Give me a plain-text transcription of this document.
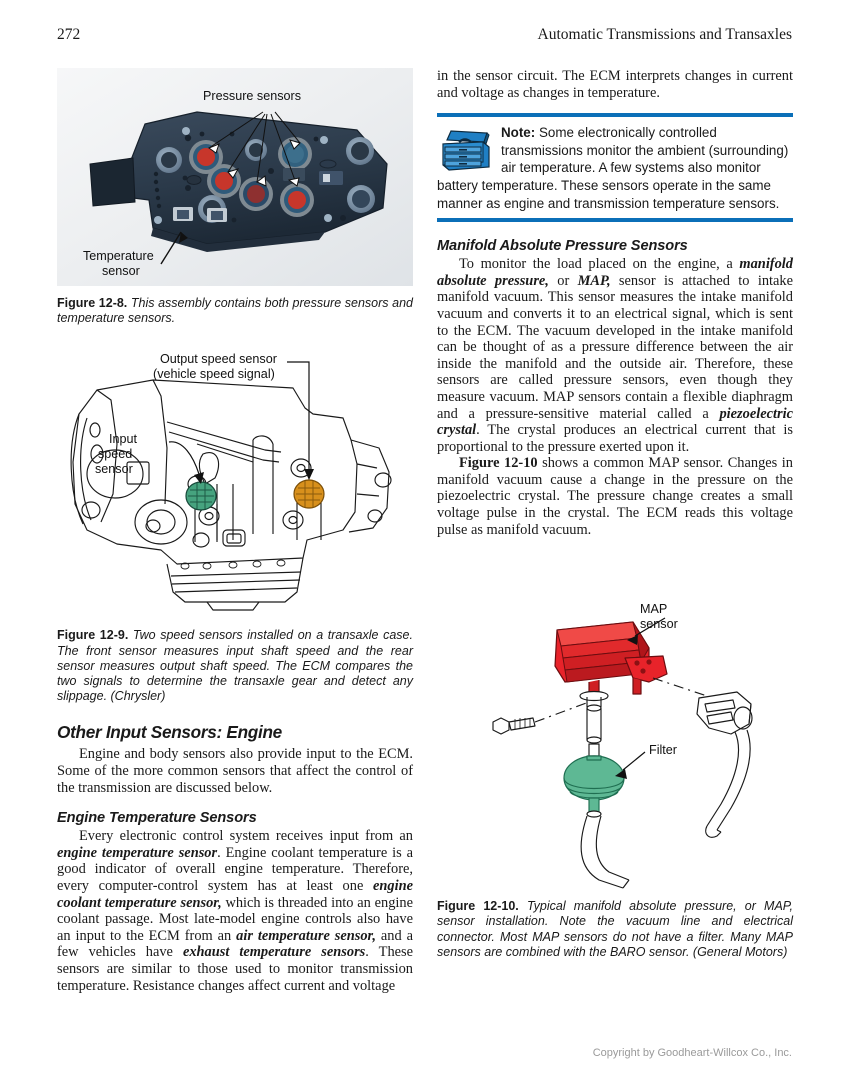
272	Automatic Transmissions and Transaxles
Pressure sensors
Temperature
sensor
Figure 12-8. This assembly contains both pressure sensors and temperature sensors.
Output speed sensor
(vehicle speed signal)
Input
speed
sensor
Figure 12-9. Two speed sensors installed on a transaxle case. The front sensor measures input shaft speed and the rear sensor measures output shaft speed. The ECM compares the two signals to determine the transaxle gear and detect any slippage. (Chrysler)
Other Input Sensors: Engine

Engine and body sensors also provide input to the ECM. Some of the more common sensors that affect the control of the transmission are discussed below.

Engine Temperature Sensors

Every electronic control system receives input from an engine temperature sensor. Engine coolant temperature is a good indicator of overall engine temperature. Therefore, every computer-control system has at least one engine coolant temperature sensor, which is threaded into an engine coolant passage. Most late-model engine controls also have an input to the ECM from an air temperature sensor, and a few vehicles have exhaust temperature sensors. These sensors are similar to those used to monitor transmission temperature. Resistance changes affect current and voltage

in the sensor circuit. The ECM interprets changes in current and voltage as changes in temperature.

Note: Some electronically controlled transmissions monitor the ambient (surrounding) air temperature. A few systems also monitor battery temperature. These sensors operate in the same manner as engine and transmission temperature sensors.

Manifold Absolute Pressure Sensors

To monitor the load placed on the engine, a manifold absolute pressure, or MAP, sensor is attached to intake manifold vacuum. This sensor measures the intake manifold vacuum and converts it to an electrical signal, which is sent to the ECM. The vacuum developed in the intake manifold can be thought of as a pressure difference between the air inside the manifold and the outside air. Therefore, these sensors are called pressure sensors, even though they measure vacuum. MAP sensors contain a flexible diaphragm and a pressure-sensitive material called a piezoelectric crystal. The crystal produces an electrical current that is proportional to the pressure exerted upon it.

Figure 12-10 shows a common MAP sensor. Changes in manifold vacuum cause a change in the pressure on the piezoelectric crystal. The pressure change creates a small voltage pulse in the crystal. The ECM reads this voltage pulse as manifold vacuum.

MAP
sensor
Filter
Figure 12-10. Typical manifold absolute pressure, or MAP, sensor installation. Note the vacuum line and electrical connector. Most MAP sensors do not have a filter. Many MAP sensors are combined with the BARO sensor. (General Motors)
Copyright by Goodheart-Willcox Co., Inc.
